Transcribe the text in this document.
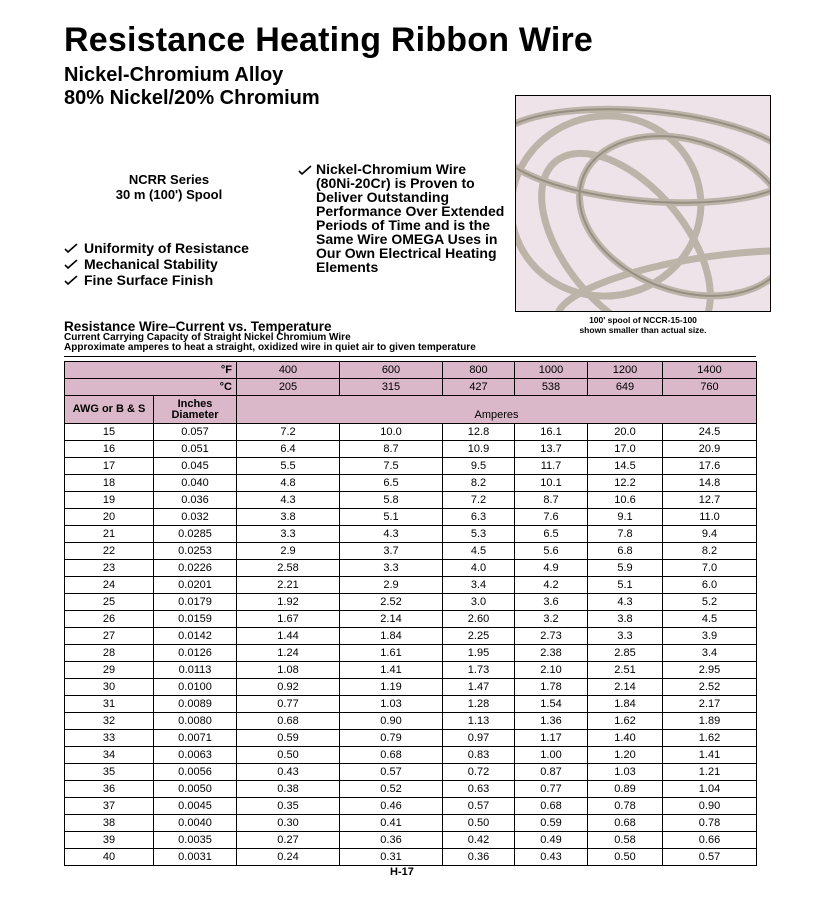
Resistance Heating Ribbon Wire
Nickel-Chromium Alloy
80% Nickel/20% Chromium
NCRR Series
30 m (100') Spool
Uniformity of Resistance
Mechanical Stability
Fine Surface Finish
Nickel-Chromium Wire (80Ni-20Cr) is Proven to Deliver Outstanding Performance Over Extended Periods of Time and is the Same Wire OMEGA Uses in Our Own Electrical Heating Elements
100' spool of NCCR-15-100
shown smaller than actual size.
Resistance Wire–Current vs. Temperature
Current Carrying Capacity of Straight Nickel Chromium Wire
Approximate amperes to heat a straight, oxidized wire in quiet air to given temperature
°F		400	600	800	1000	1200	1400
°C		205	315	427	538	649	760
AWG or B & S	Inches Diameter	Amperes					
15	0.057	7.2	10.0	12.8	16.1	20.0	24.5
16	0.051	6.4	8.7	10.9	13.7	17.0	20.9
17	0.045	5.5	7.5	9.5	11.7	14.5	17.6
18	0.040	4.8	6.5	8.2	10.1	12.2	14.8
19	0.036	4.3	5.8	7.2	8.7	10.6	12.7
20	0.032	3.8	5.1	6.3	7.6	9.1	11.0
21	0.0285	3.3	4.3	5.3	6.5	7.8	9.4
22	0.0253	2.9	3.7	4.5	5.6	6.8	8.2
23	0.0226	2.58	3.3	4.0	4.9	5.9	7.0
24	0.0201	2.21	2.9	3.4	4.2	5.1	6.0
25	0.0179	1.92	2.52	3.0	3.6	4.3	5.2
26	0.0159	1.67	2.14	2.60	3.2	3.8	4.5
27	0.0142	1.44	1.84	2.25	2.73	3.3	3.9
28	0.0126	1.24	1.61	1.95	2.38	2.85	3.4
29	0.0113	1.08	1.41	1.73	2.10	2.51	2.95
30	0.0100	0.92	1.19	1.47	1.78	2.14	2.52
31	0.0089	0.77	1.03	1.28	1.54	1.84	2.17
32	0.0080	0.68	0.90	1.13	1.36	1.62	1.89
33	0.0071	0.59	0.79	0.97	1.17	1.40	1.62
34	0.0063	0.50	0.68	0.83	1.00	1.20	1.41
35	0.0056	0.43	0.57	0.72	0.87	1.03	1.21
36	0.0050	0.38	0.52	0.63	0.77	0.89	1.04
37	0.0045	0.35	0.46	0.57	0.68	0.78	0.90
38	0.0040	0.30	0.41	0.50	0.59	0.68	0.78
39	0.0035	0.27	0.36	0.42	0.49	0.58	0.66
40	0.0031	0.24	0.31	0.36	0.43	0.50	0.57
H-17
